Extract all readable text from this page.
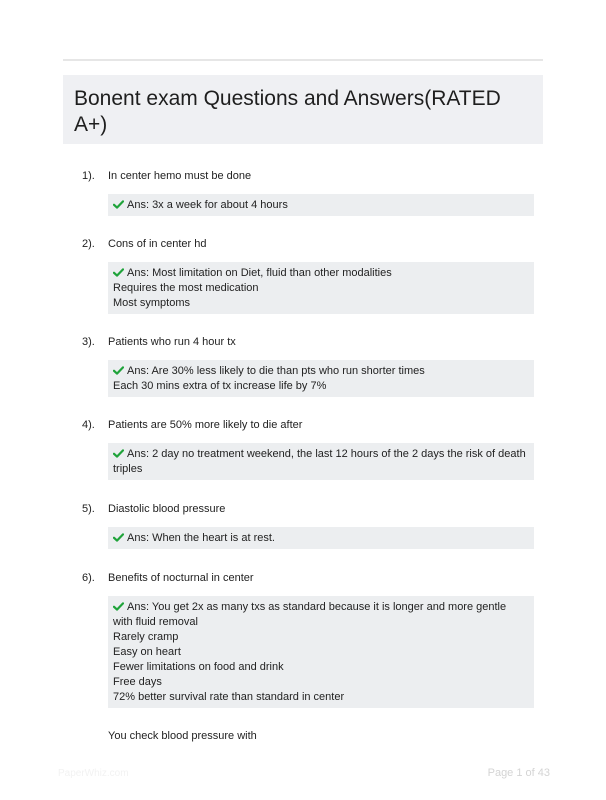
Bonent exam Questions and Answers(RATED A+)
1). In center hemo must be done
Ans: 3x a week for about 4 hours
2). Cons of in center hd
Ans: Most limitation on Diet, fluid than other modalities
Requires the most medication
Most symptoms
3). Patients who run 4 hour tx
Ans: Are 30% less likely to die than pts who run shorter times
Each 30 mins extra of tx increase life by 7%
4). Patients are 50% more likely to die after
Ans: 2 day no treatment weekend, the last 12 hours of the 2 days the risk of death triples
5). Diastolic blood pressure
Ans: When the heart is at rest.
6). Benefits of nocturnal in center
Ans: You get 2x as many txs as standard because it is longer and more gentle with fluid removal
Rarely cramp
Easy on heart
Fewer limitations on food and drink
Free days
72% better survival rate than standard in center
You check blood pressure with
PaperWhiz.com	Page 1 of 43
